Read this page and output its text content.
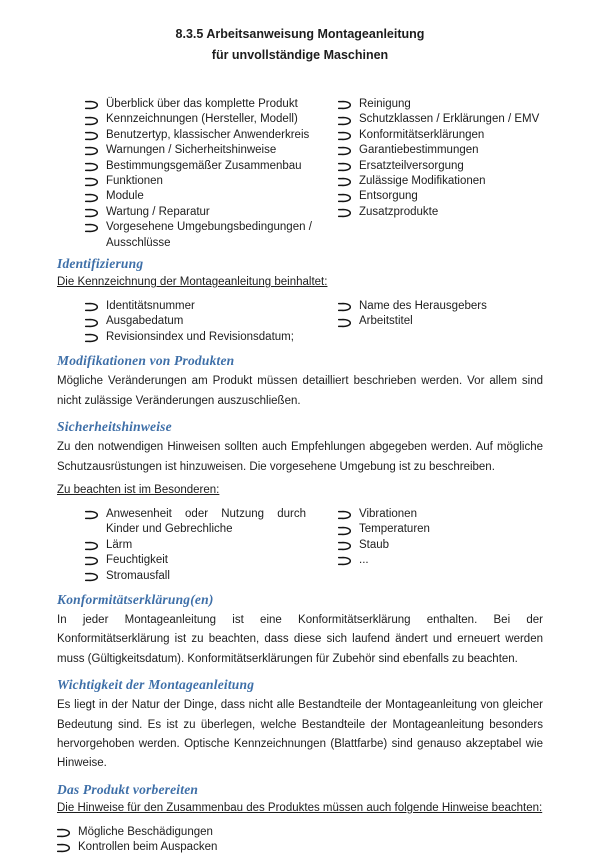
8.3.5 Arbeitsanweisung Montageanleitung
für unvollständige Maschinen
Überblick über das komplette Produkt
Kennzeichnungen (Hersteller, Modell)
Benutzertyp, klassischer Anwenderkreis
Warnungen / Sicherheitshinweise
Bestimmungsgemäßer Zusammenbau
Funktionen
Module
Wartung / Reparatur
Vorgesehene Umgebungsbedingungen / Ausschlüsse
Reinigung
Schutzklassen / Erklärungen / EMV
Konformitätserklärungen
Garantiebestimmungen
Ersatzteilversorgung
Zulässige Modifikationen
Entsorgung
Zusatzprodukte
Identifizierung

Die Kennzeichnung der Montageanleitung beinhaltet:

Identitätsnummer
Ausgabedatum
Revisionsindex und Revisionsdatum;
Name des Herausgebers
Arbeitstitel
Modifikationen von Produkten

Mögliche Veränderungen am Produkt müssen detailliert beschrieben werden. Vor allem sind nicht zulässige Veränderungen auszuschließen.

Sicherheitshinweise

Zu den notwendigen Hinweisen sollten auch Empfehlungen abgegeben werden. Auf mögliche Schutzausrüstungen ist hinzuweisen. Die vorgesehene Umgebung ist zu beschreiben.

Zu beachten ist im Besonderen:

Anwesenheit oder Nutzung durch Kinder und Gebrechliche
Lärm
Feuchtigkeit
Stromausfall
Vibrationen
Temperaturen
Staub
...
Konformitätserklärung(en)

In jeder Montageanleitung ist eine Konformitätserklärung enthalten. Bei der Konformitätserklärung ist zu beachten, dass diese sich laufend ändert und erneuert werden muss (Gültigkeitsdatum). Konformitätserklärungen für Zubehör sind ebenfalls zu beachten.

Wichtigkeit der Montageanleitung

Es liegt in der Natur der Dinge, dass nicht alle Bestandteile der Montageanleitung von gleicher Bedeutung sind. Es ist zu überlegen, welche Bestandteile der Montageanleitung besonders hervorgehoben werden. Optische Kennzeichnungen (Blattfarbe) sind genauso akzeptabel wie Hinweise.

Das Produkt vorbereiten

Die Hinweise für den Zusammenbau des Produktes müssen auch folgende Hinweise beachten:

Mögliche Beschädigungen
Kontrollen beim Auspacken
